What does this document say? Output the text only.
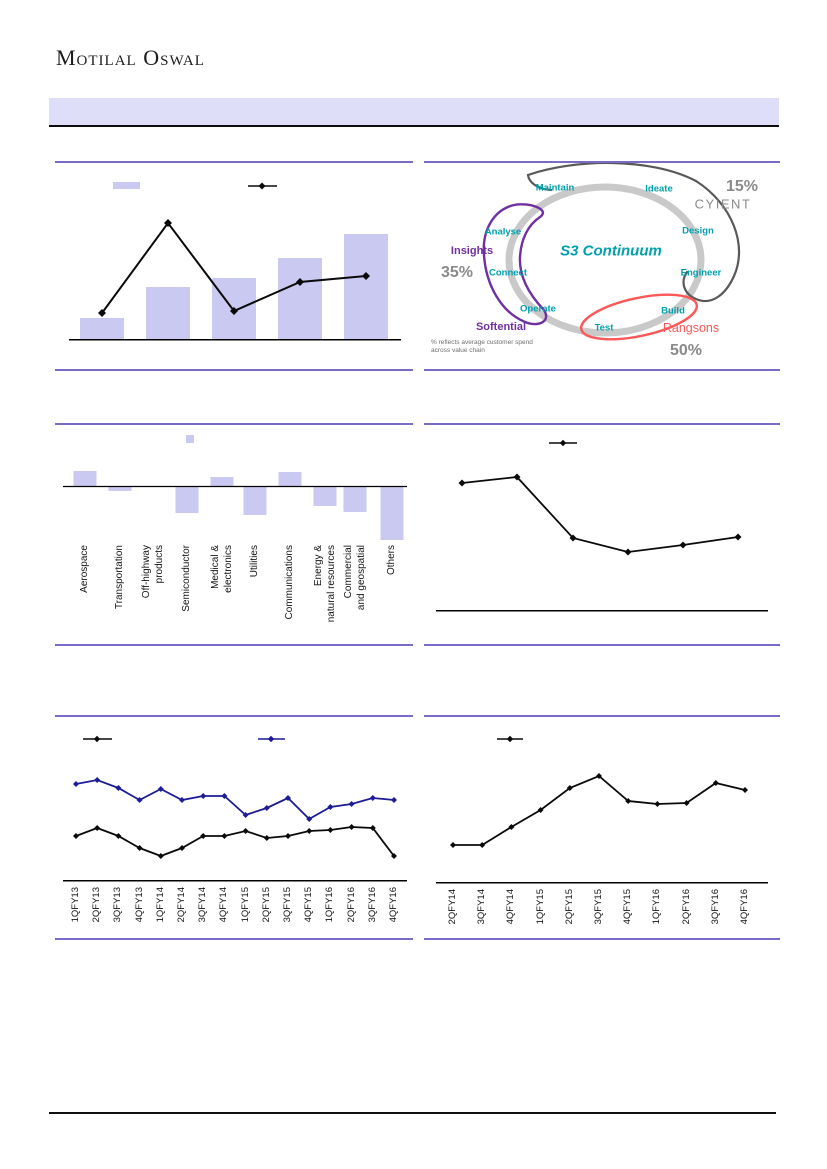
Motilal Oswal
S3 Continuum
Maintain	Ideate	15%
CYIENT
Design
Engineer
Analyse
Insights
35% Connect
Operate
Softential	Test
Build
Rangsons
50%
% reflects average customer spend
across value chain
Aerospace Transportation Off-highway products Semiconductor Medical & electronics Utilities Communications Energy & natural resources Commercial and geospatial Others
1QFY13 2QFY13 3QFY13 4QFY13 1QFY14 2QFY14 3QFY14 4QFY14 1QFY15 2QFY15 3QFY15 4QFY15 1QFY16 2QFY16 3QFY16 4QFY16	2QFY14 3QFY14 4QFY14 1QFY15 2QFY15 3QFY15 4QFY15 1QFY16 2QFY16 3QFY16 4QFY16
